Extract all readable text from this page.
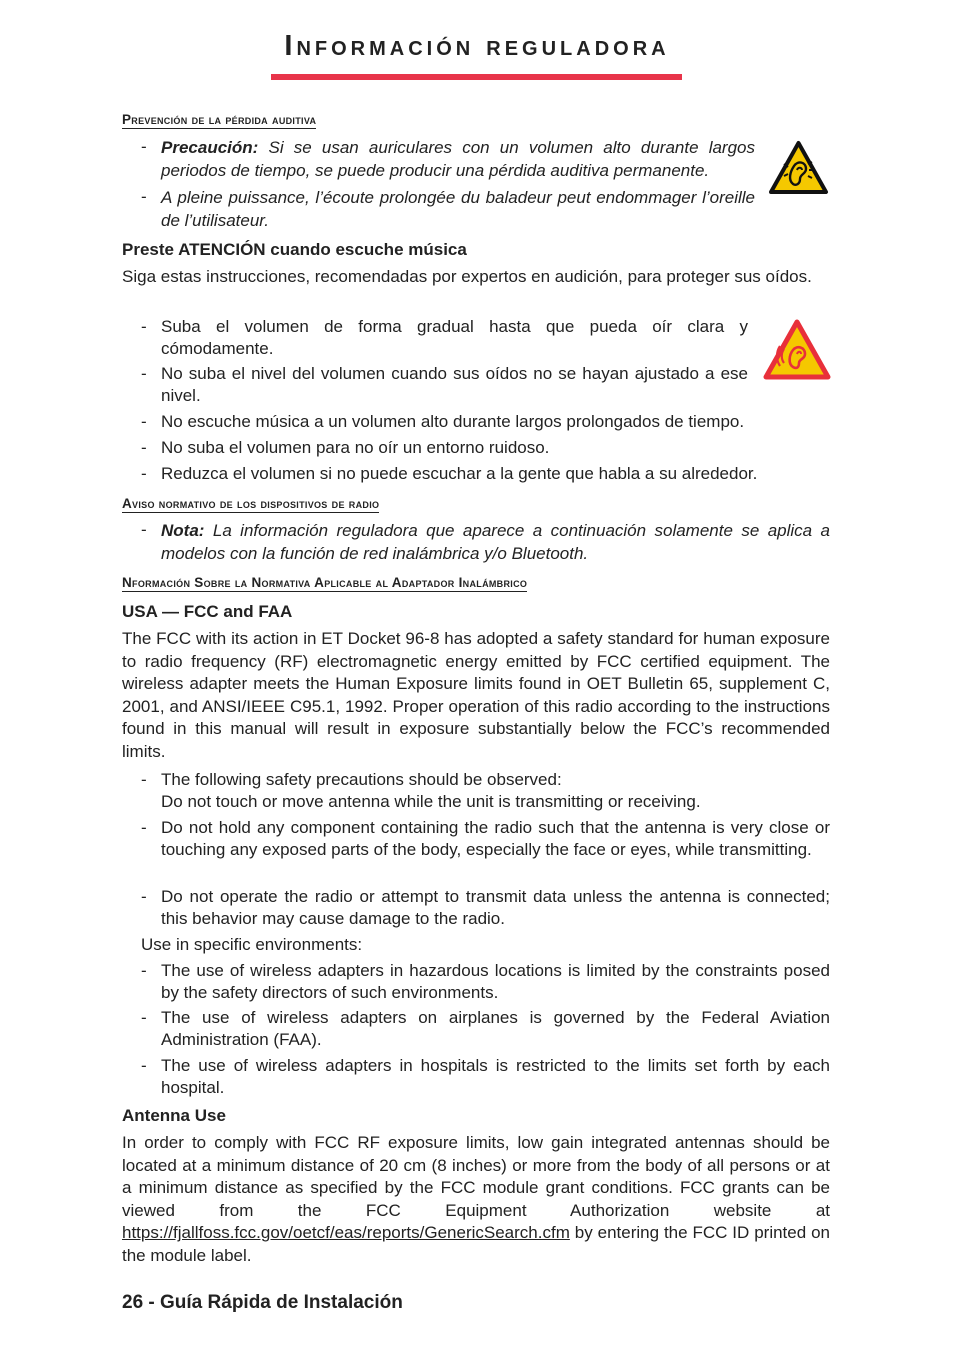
Información reguladora
Prevención de la pérdida auditiva
- Precaución: Si se usan auriculares con un volumen alto durante largos periodos de tiempo, se puede producir una pérdida auditiva permanente.
- A pleine puissance, l’écoute prolongée du baladeur peut endommager l’oreille de l’utilisateur.
Preste ATENCIÓN cuando escuche música
Siga estas instrucciones, recomendadas por expertos en audición, para proteger sus oídos.
- Suba el volumen de forma gradual hasta que pueda oír clara y cómodamente.
- No suba el nivel del volumen cuando sus oídos no se hayan ajustado a ese nivel.
- No escuche música a un volumen alto durante largos prolongados de tiempo.
- No suba el volumen para no oír un entorno ruidoso.
- Reduzca el volumen si no puede escuchar a la gente que habla a su alrededor.
Aviso normativo de los dispositivos de radio
- Nota: La información reguladora que aparece a continuación solamente se aplica a modelos con la función de red inalámbrica y/o Bluetooth.
Nformación Sobre la Normativa Aplicable al Adaptador Inalámbrico
USA — FCC and FAA
The FCC with its action in ET Docket 96-8 has adopted a safety standard for human exposure to radio frequency (RF) electromagnetic energy emitted by FCC certified equipment. The wireless adapter meets the Human Exposure limits found in OET Bulletin 65, supplement C, 2001, and ANSI/IEEE C95.1, 1992. Proper operation of this radio according to the instructions found in this manual will result in exposure substantially below the FCC’s recommended limits.
- The following safety precautions should be observed:
Do not touch or move antenna while the unit is transmitting or receiving.
- Do not hold any component containing the radio such that the antenna is very close or touching any exposed parts of the body, especially the face or eyes, while transmitting.
- Do not operate the radio or attempt to transmit data unless the antenna is connected; this behavior may cause damage to the radio.
Use in specific environments:
- The use of wireless adapters in hazardous locations is limited by the constraints posed by the safety directors of such environments.
- The use of wireless adapters on airplanes is governed by the Federal Aviation Administration (FAA).
- The use of wireless adapters in hospitals is restricted to the limits set forth by each hospital.
Antenna Use
In order to comply with FCC RF exposure limits, low gain integrated antennas should be located at a minimum distance of 20 cm (8 inches) or more from the body of all persons or at a minimum distance as specified by the FCC module grant conditions. FCC grants can be viewed from the FCC Equipment Authorization website at https://fjallfoss.fcc.gov/oetcf/eas/reports/GenericSearch.cfm by entering the FCC ID printed on the module label.
26 - Guía Rápida de Instalación
